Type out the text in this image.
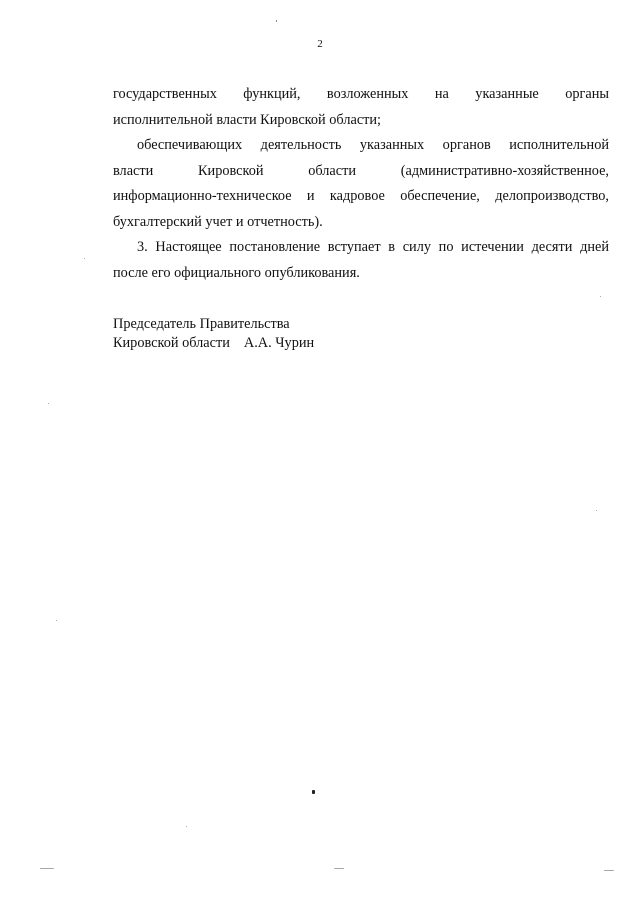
2
государственных функций, возложенных на указанные органы
исполнительной власти Кировской области;
обеспечивающих деятельность указанных органов исполнительной
власти Кировской области (административно-хозяйственное,
информационно-техническое и кадровое обеспечение, делопроизводство,
бухгалтерский учет и отчетность).
3. Настоящее постановление вступает в силу по истечении десяти дней
после его официального опубликования.
Председатель Правительства
Кировской области А.А. Чурин
